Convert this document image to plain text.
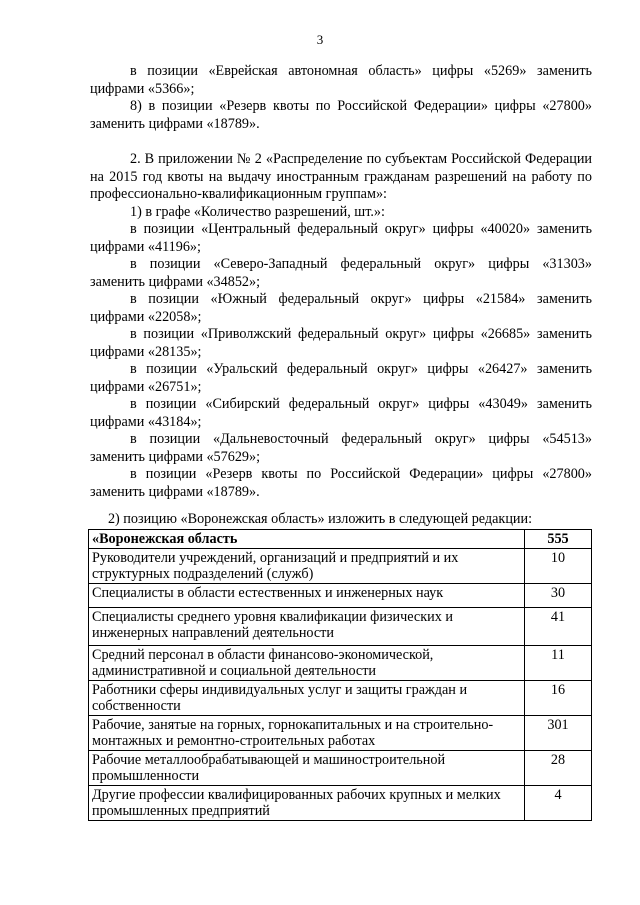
3

в позиции «Еврейская автономная область» цифры «5269» заменить цифрами «5366»;

8) в позиции «Резерв квоты по Российской Федерации» цифры «27800» заменить цифрами «18789».

2. В приложении № 2 «Распределение по субъектам Российской Федерации на 2015 год квоты на выдачу иностранным гражданам разрешений на работу по профессионально-квалификационным группам»:

1) в графе «Количество разрешений, шт.»:

в позиции «Центральный федеральный округ» цифры «40020» заменить цифрами «41196»;

в позиции «Северо-Западный федеральный округ» цифры «31303» заменить цифрами «34852»;

в позиции «Южный федеральный округ» цифры «21584» заменить цифрами «22058»;

в позиции «Приволжский федеральный округ» цифры «26685» заменить цифрами «28135»;

в позиции «Уральский федеральный округ» цифры «26427» заменить цифрами «26751»;

в позиции «Сибирский федеральный округ» цифры «43049» заменить цифрами «43184»;

в позиции «Дальневосточный федеральный округ» цифры «54513» заменить цифрами «57629»;

в позиции «Резерв квоты по Российской Федерации» цифры «27800» заменить цифрами «18789».

2) позицию «Воронежская область» изложить в следующей редакции:
«Воронежская область	555
Руководители учреждений, организаций и предприятий и их структурных подразделений (служб)	10
Специалисты в области естественных и инженерных наук	30
Специалисты среднего уровня квалификации физических и инженерных направлений деятельности	41
Средний персонал в области финансово-экономической, административной и социальной деятельности	11
Работники сферы индивидуальных услуг и защиты граждан и собственности	16
Рабочие, занятые на горных, горнокапитальных и на строительно-монтажных и ремонтно-строительных работах	301
Рабочие металлообрабатывающей и машиностроительной промышленности	28
Другие профессии квалифицированных рабочих крупных и мелких промышленных предприятий	4
